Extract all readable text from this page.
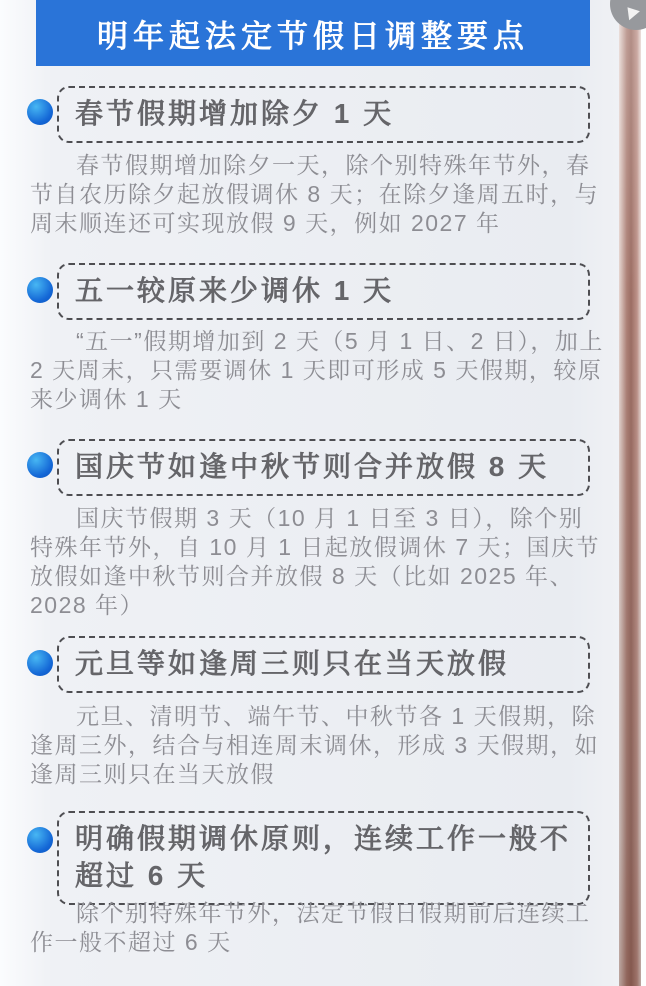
明年起法定节假日调整要点
春节假期增加除夕 1 天
春节假期增加除夕一天，除个别特殊年节外，春节自农历除夕起放假调休 8 天；在除夕逢周五时，与周末顺连还可实现放假 9 天，例如 2027 年
五一较原来少调休 1 天
“五一”假期增加到 2 天（5 月 1 日、2 日），加上 2 天周末，只需要调休 1 天即可形成 5 天假期，较原来少调休 1 天
国庆节如逢中秋节则合并放假 8 天
国庆节假期 3 天（10 月 1 日至 3 日），除个别特殊年节外，自 10 月 1 日起放假调休 7 天；国庆节放假如逢中秋节则合并放假 8 天（比如 2025 年、2028 年）
元旦等如逢周三则只在当天放假
元旦、清明节、端午节、中秋节各 1 天假期，除逢周三外，结合与相连周末调休，形成 3 天假期，如逢周三则只在当天放假
明确假期调休原则，连续工作一般不超过 6 天
除个别特殊年节外，法定节假日假期前后连续工作一般不超过 6 天
